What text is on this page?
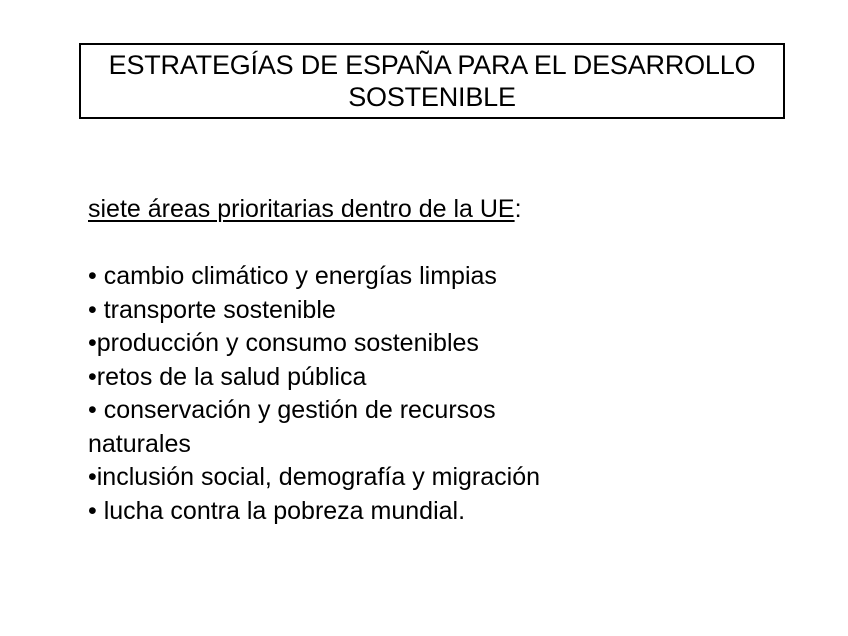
ESTRATEGÍAS DE ESPAÑA PARA EL DESARROLLO
SOSTENIBLE
siete áreas prioritarias dentro de la UE:
• cambio climático y energías limpias
• transporte sostenible
•producción y consumo sostenibles
•retos de la salud pública
• conservación y gestión de recursos
naturales
•inclusión social, demografía y migración
• lucha contra la pobreza mundial.
